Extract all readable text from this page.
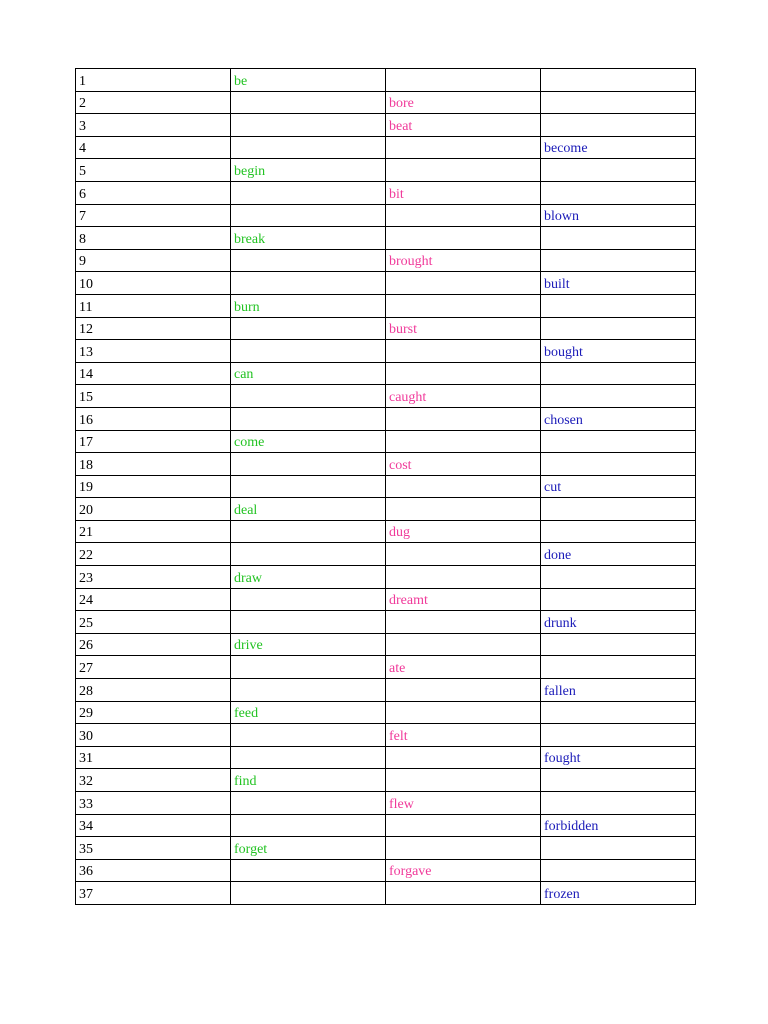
1	be		
2		bore	
3		beat	
4			become
5	begin		
6		bit	
7			blown
8	break		
9		brought	
10			built
11	burn		
12		burst	
13			bought
14	can		
15		caught	
16			chosen
17	come		
18		cost	
19			cut
20	deal		
21		dug	
22			done
23	draw		
24		dreamt	
25			drunk
26	drive		
27		ate	
28			fallen
29	feed		
30		felt	
31			fought
32	find		
33		flew	
34			forbidden
35	forget		
36		forgave	
37			frozen
